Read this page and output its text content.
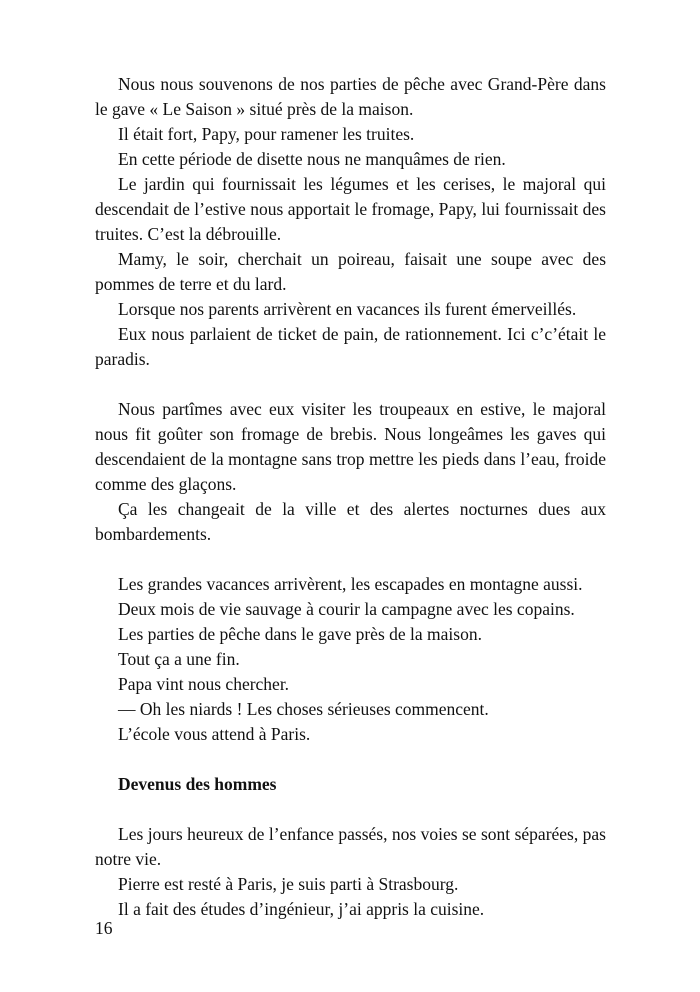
Nous nous souvenons de nos parties de pêche avec Grand-Père dans le gave « Le Saison » situé près de la maison.

Il était fort, Papy, pour ramener les truites.

En cette période de disette nous ne manquâmes de rien.

Le jardin qui fournissait les légumes et les cerises, le majoral qui descendait de l’estive nous apportait le fromage, Papy, lui fournissait des truites. C’est la débrouille.

Mamy, le soir, cherchait un poireau, faisait une soupe avec des pommes de terre et du lard.

Lorsque nos parents arrivèrent en vacances ils furent émerveillés.

Eux nous parlaient de ticket de pain, de rationnement. Ici c’c’était le paradis.

Nous partîmes avec eux visiter les troupeaux en estive, le majoral nous fit goûter son fromage de brebis. Nous longeâmes les gaves qui descendaient de la montagne sans trop mettre les pieds dans l’eau, froide comme des glaçons.

Ça les changeait de la ville et des alertes nocturnes dues aux bombardements.

Les grandes vacances arrivèrent, les escapades en montagne aussi.

Deux mois de vie sauvage à courir la campagne avec les copains.

Les parties de pêche dans le gave près de la maison.

Tout ça a une fin.

Papa vint nous chercher.

— Oh les niards ! Les choses sérieuses commencent.

L’école vous attend à Paris.

Devenus des hommes

Les jours heureux de l’enfance passés, nos voies se sont séparées, pas notre vie.

Pierre est resté à Paris, je suis parti à Strasbourg.

Il a fait des études d’ingénieur, j’ai appris la cuisine.

16
